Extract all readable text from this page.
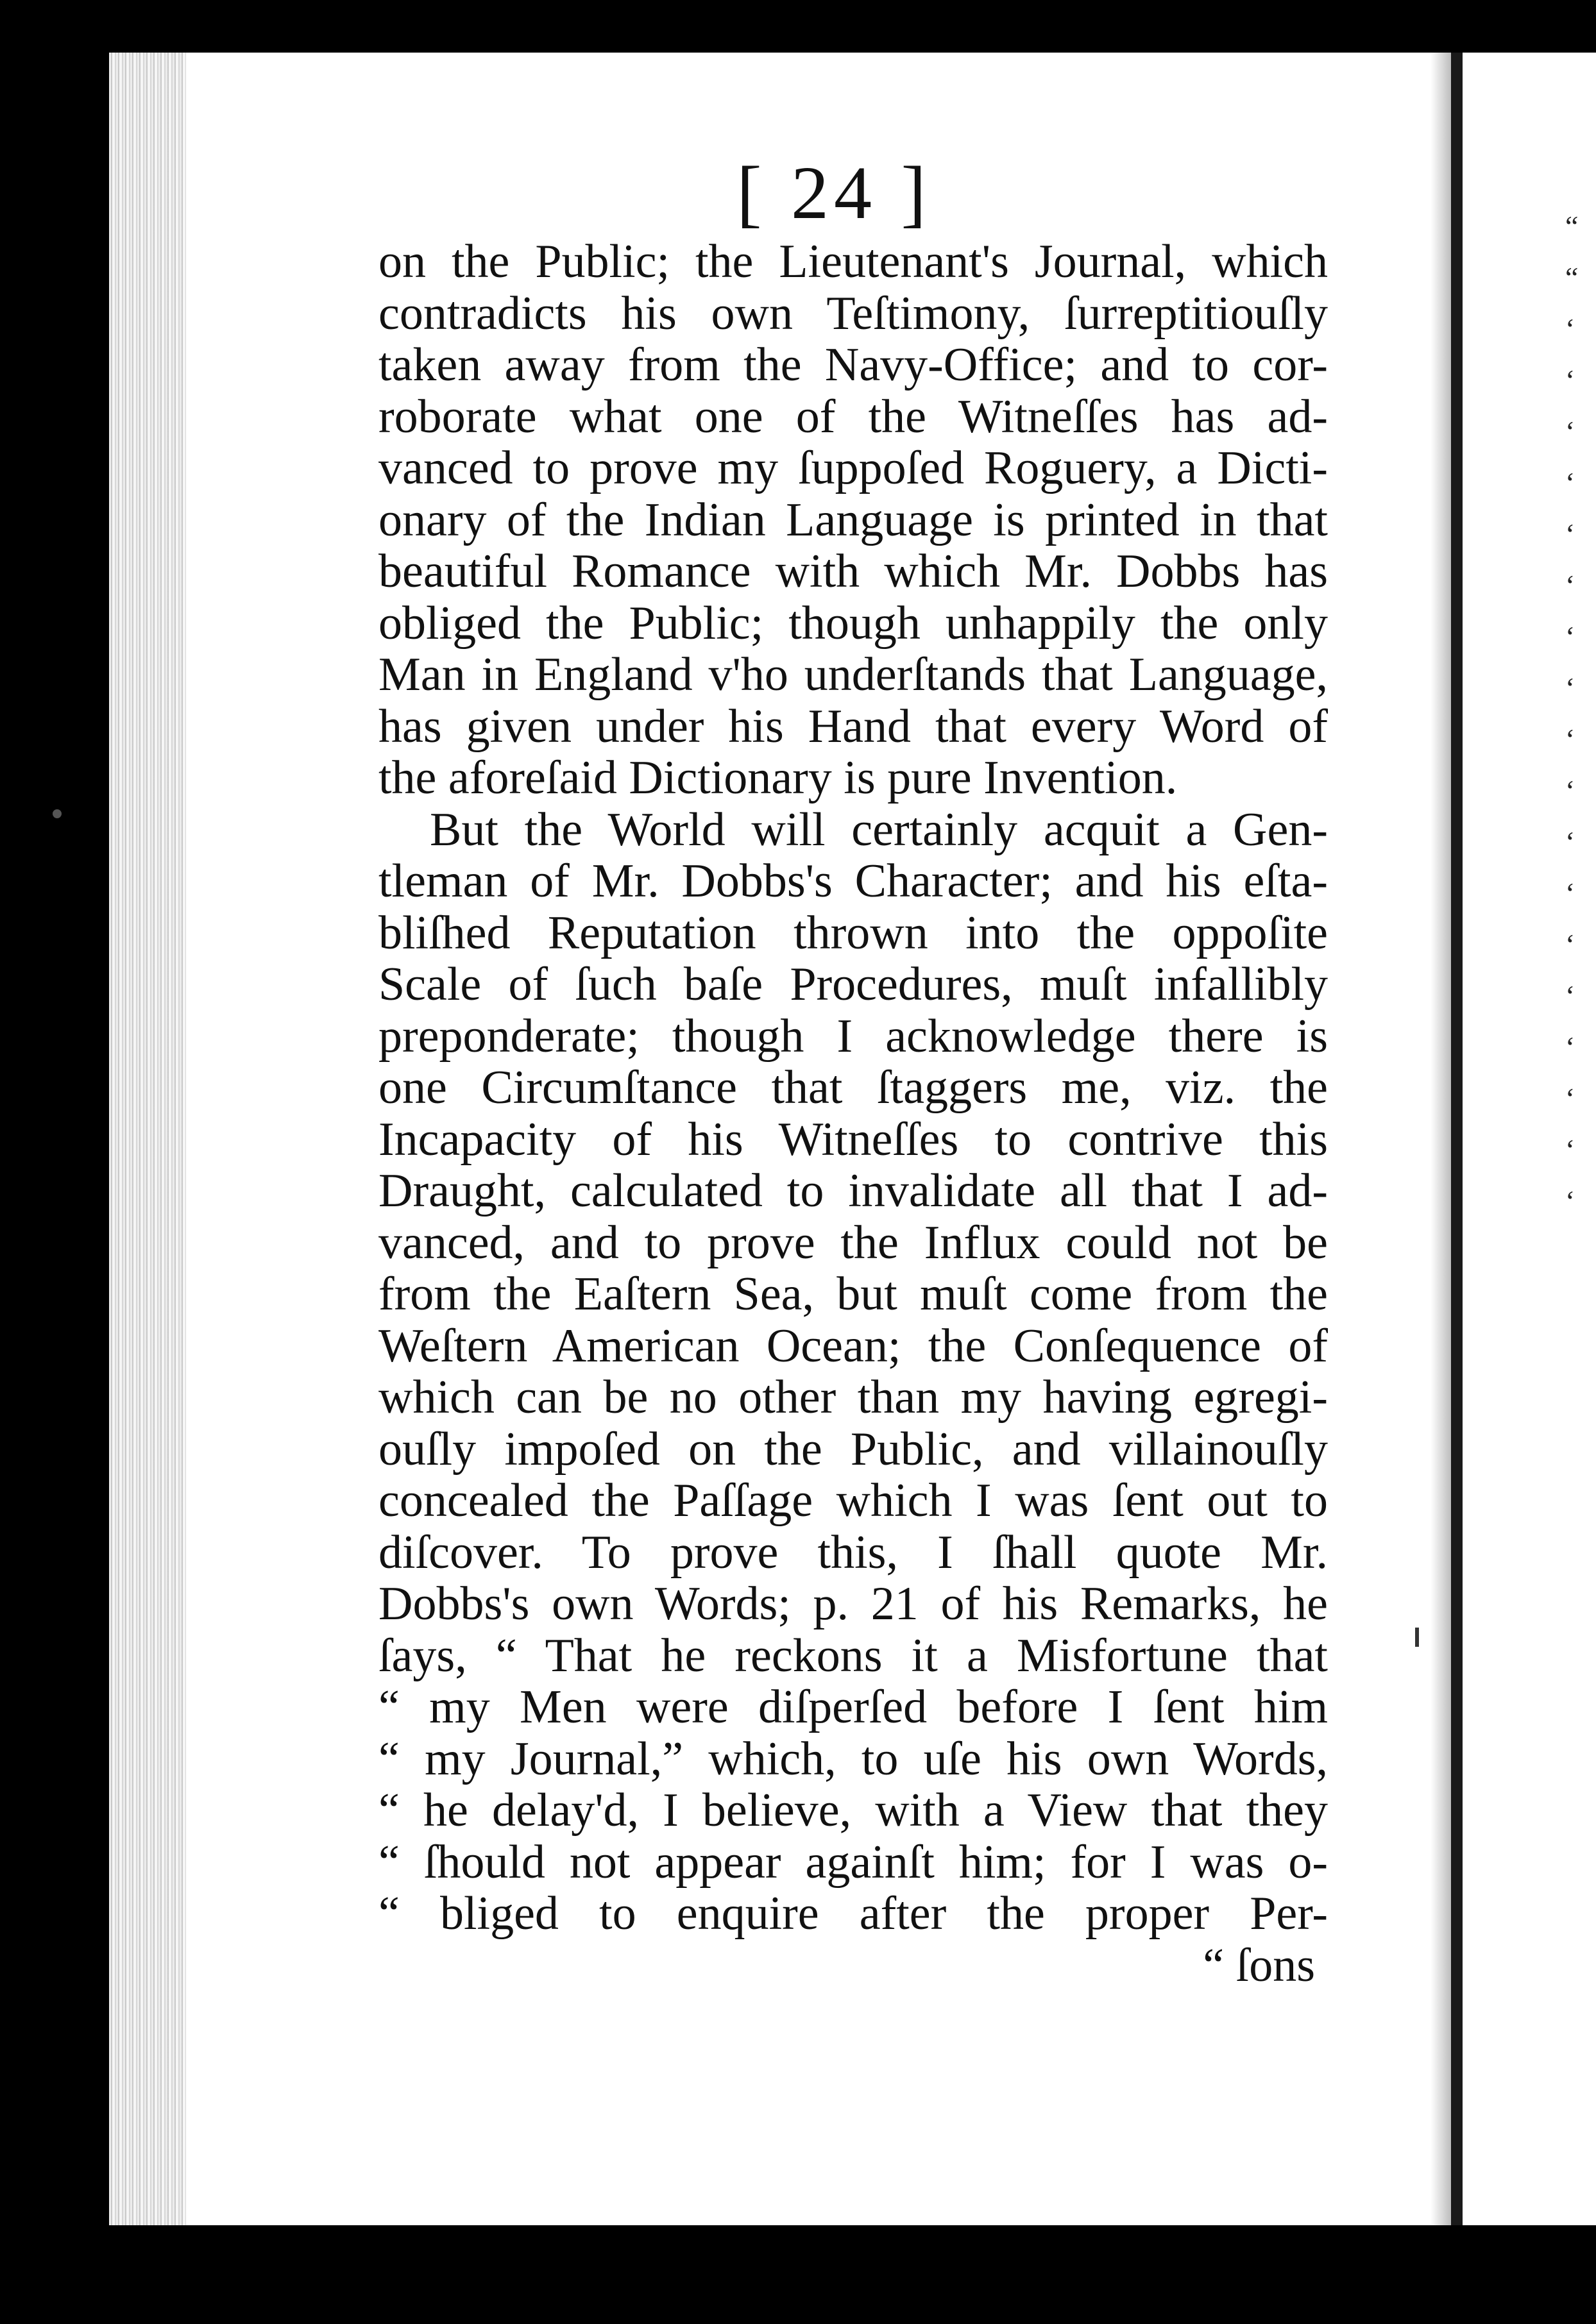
[ 24 ]
on the Public; the Lieutenant's Journal, which
contradicts his own Teſtimony, ſurreptitiouſly
taken away from the Navy-Office; and to cor-
roborate what one of the Witneſſes has ad-
vanced to prove my ſuppoſed Roguery, a Dicti-
onary of the Indian Language is printed in that
beautiful Romance with which Mr. Dobbs has
obliged the Public; though unhappily the only
Man in England v'ho underſtands that Language,
has given under his Hand that every Word of
the aforeſaid Dictionary is pure Invention.
But the World will certainly acquit a Gen-
tleman of Mr. Dobbs's Character; and his eſta-
bliſhed Reputation thrown into the oppoſite
Scale of ſuch baſe Procedures, muſt infallibly
preponderate; though I acknowledge there is
one Circumſtance that ſtaggers me, viz. the
Incapacity of his Witneſſes to contrive this
Draught, calculated to invalidate all that I ad-
vanced, and to prove the Influx could not be
from the Eaſtern Sea, but muſt come from the
Weſtern American Ocean; the Conſequence of
which can be no other than my having egregi-
ouſly impoſed on the Public, and villainouſly
concealed the Paſſage which I was ſent out to
diſcover. To prove this, I ſhall quote Mr.
Dobbs's own Words; p. 21 of his Remarks, he
ſays, “ That he reckons it a Misfortune that
“ my Men were diſperſed before I ſent him
“ my Journal,” which, to uſe his own Words,
“ he delay'd, I believe, with a View that they
“ ſhould not appear againſt him; for I was o-
“ bliged to enquire after the proper Per-
“ ſons
“
“
‘
‘
‘
‘
‘
‘
‘
‘
‘
‘
‘
‘
‘
‘
‘
‘
‘
‘
